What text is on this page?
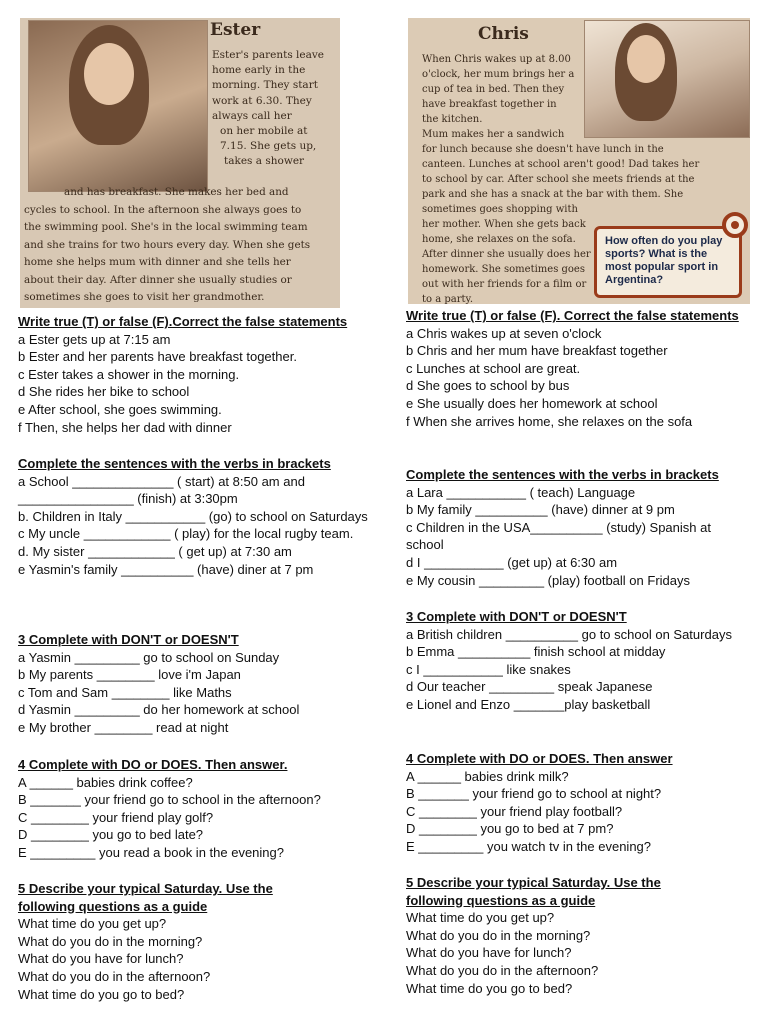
Ester

Ester's parents leave

home early in the

morning. They start

work at 6.30. They

always call her

on her mobile at

7.15. She gets up,

takes a shower

and has breakfast. She makes her bed and

cycles to school. In the afternoon she always goes to

the swimming pool. She's in the local swimming team

and she trains for two hours every day. When she gets

home she helps mum with dinner and she tells her

about their day. After dinner she usually studies or

sometimes she goes to visit her grandmother.

Chris

When Chris wakes up at 8.00

o'clock, her mum brings her a

cup of tea in bed. Then they

have breakfast together in

the kitchen.

Mum makes her a sandwich

for lunch because she doesn't have lunch in the

canteen. Lunches at school aren't good! Dad takes her

to school by car. After school she meets friends at the

park and she has a snack at the bar with them. She

sometimes goes shopping with

her mother. When she gets back

home, she relaxes on the sofa.

After dinner she usually does her

homework. She sometimes goes

out with her friends for a film or

to a party.

How often do you play sports? What is the most popular sport in Argentina?
Write true (T) or false (F).Correct the false statements
a Ester gets up at 7:15 am
b Ester and her parents have breakfast together.
c Ester takes a shower in the morning.
d She rides her bike to school
e After school, she goes swimming.
f Then, she helps her dad with dinner
Complete the sentences with the verbs in brackets
a School ______________ ( start) at 8:50 am and
________________ (finish) at 3:30pm
b. Children in Italy ___________ (go) to school on Saturdays
c My uncle ____________ ( play) for the local rugby team.
d. My sister ____________ ( get up) at 7:30 am
e Yasmin's family __________ (have) diner at 7 pm
3 Complete with DON'T or DOESN'T
a Yasmin _________ go to school on Sunday
b My parents ________ love i'm Japan
c Tom and Sam ________ like Maths
d Yasmin _________ do her homework at school
e My brother ________ read at night
4 Complete with DO or DOES. Then answer.
A ______ babies drink coffee?
B _______ your friend go to school in the afternoon?
C ________ your friend play golf?
D ________ you go to bed late?
E _________ you read a book in the evening?
5 Describe your typical Saturday. Use the following questions as a guide
What time do you get up?
What do you do in the morning?
What do you have for lunch?
What do you do in the afternoon?
What time do you go to bed?
Write true (T) or false (F). Correct the false statements
a Chris wakes up at seven o'clock
b Chris and her mum have breakfast together
c Lunches at school are great.
d She goes to school by bus
e She usually does her homework at school
f When she arrives home, she relaxes on the sofa
Complete the sentences with the verbs in brackets
a Lara ___________ ( teach) Language
b My family __________ (have) dinner at 9 pm
c Children in the USA__________ (study) Spanish at school
d I ___________ (get up) at 6:30 am
e My cousin _________ (play) football on Fridays
3 Complete with DON'T or DOESN'T
a British children __________ go to school on Saturdays
b Emma __________ finish school at midday
c I ___________ like snakes
d Our teacher _________ speak Japanese
e Lionel and Enzo _______play basketball
4 Complete with DO or DOES. Then answer
A ______ babies drink milk?
B _______ your friend go to school at night?
C ________ your friend play football?
D ________ you go to bed at 7 pm?
E _________ you watch tv in the evening?
5 Describe your typical Saturday. Use the following questions as a guide
What time do you get up?
What do you do in the morning?
What do you have for lunch?
What do you do in the afternoon?
What time do you go to bed?
